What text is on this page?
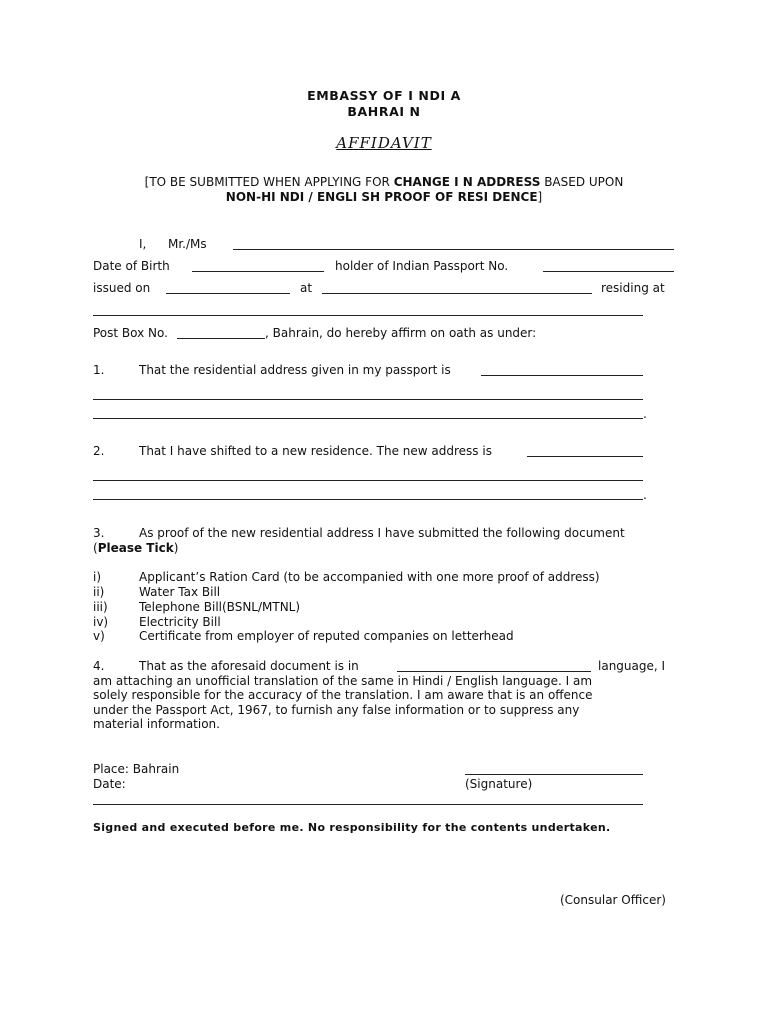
EMBASSY OF I NDI A
BAHRAI N
AFFIDAVIT
[TO BE SUBMITTED WHEN APPLYING FOR CHANGE I N ADDRESS BASED UPON
NON-HI NDI / ENGLI SH PROOF OF RESI DENCE]
I, Mr./Ms
Date of Birth	holder of Indian Passport No.
issued on	at	residing at
Post Box No.	, Bahrain, do hereby affirm on oath as under:
1.	That the residential address given in my passport is
.
2.	That I have shifted to a new residence. The new address is
.
3.	As proof of the new residential address I have submitted the following document
(Please Tick)
i)	Applicant’s Ration Card (to be accompanied with one more proof of address)
ii)	Water Tax Bill
iii)	Telephone Bill(BSNL/MTNL)
iv)	Electricity Bill
v)	Certificate from employer of reputed companies on letterhead
4.	That as the aforesaid document is in	language, I
am attaching an unofficial translation of the same in Hindi / English language. I am
solely responsible for the accuracy of the translation. I am aware that is an offence
under the Passport Act, 1967, to furnish any false information or to suppress any
material information.
Place: Bahrain
Date:	(Signature)
Signed and executed before me. No responsibility for the contents undertaken.
(Consular Officer)
